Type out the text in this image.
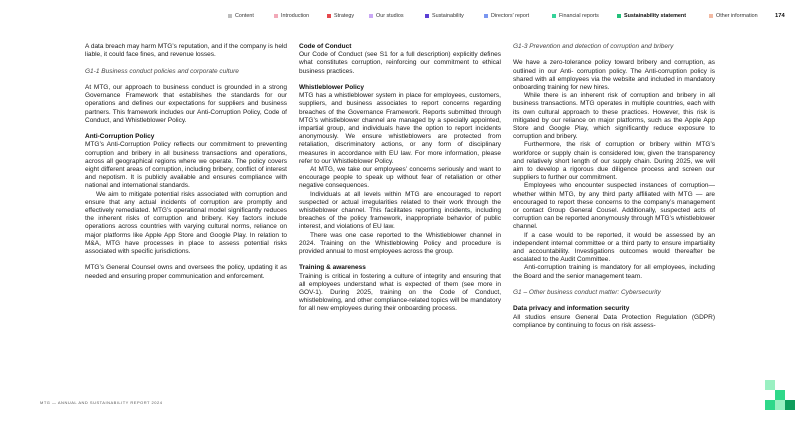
Content	Introduction	Strategy	Our studios	Sustainability	Directors' report	Financial reports	Sustainability statement	Other information	174

A data breach may harm MTG’s reputation, and if the company is held liable, it could face fines, and revenue losses.

G1-1 Business conduct policies and corporate culture

At MTG, our approach to business conduct is grounded in a strong Governance Framework that establishes the standards for our operations and defines our expectations for suppliers and business partners. This framework includes our Anti-Corruption Policy, Code of Conduct, and Whistleblower Policy.

Anti-Corruption Policy

MTG’s Anti-Corruption Policy reflects our commitment to preventing corruption and bribery in all business transactions and operations, across all geographical regions where we operate. The policy covers eight different areas of corruption, including bribery, conflict of interest and nepotism. It is publicly available and ensures compliance with national and international standards.

We aim to mitigate potential risks associated with corruption and ensure that any actual incidents of corruption are promptly and effectively remediated. MTG’s operational model significantly reduces the inherent risks of corruption and bribery. Key factors include operations across countries with varying cultural norms, reliance on major platforms like Apple App Store and Google Play. In relation to M&A, MTG have processes in place to assess potential risks associated with specific jurisdictions.

MTG’s General Counsel owns and oversees the policy, updating it as needed and ensuring proper communication and enforcement.

Code of Conduct

Our Code of Conduct (see S1 for a full description) explicitly defines what constitutes corruption, reinforcing our commitment to ethical business practices.

Whistleblower Policy

MTG has a whistleblower system in place for employees, customers, suppliers, and business associates to report concerns regarding breaches of the Governance Framework. Reports submitted through MTG’s whistleblower channel are managed by a specially appointed, impartial group, and individuals have the option to report incidents anonymously. We ensure whistleblowers are protected from retaliation, discriminatory actions, or any form of disciplinary measures in accordance with EU law. For more information, please refer to our Whistleblower Policy.

At MTG, we take our employees’ concerns seriously and want to encourage people to speak up without fear of retaliation or other negative consequences.

Individuals at all levels within MTG are encouraged to report suspected or actual irregularities related to their work through the whistleblower channel. This facilitates reporting incidents, including breaches of the policy framework, inappropriate behavior of public interest, and violations of EU law.

There was one case reported to the Whistleblower channel in 2024. Training on the Whistleblowing Policy and procedure is provided annual to most employees across the group.

Training & awareness

Training is critical in fostering a culture of integrity and ensuring that all employees understand what is expected of them (see more in GOV-1). During 2025, training on the Code of Conduct, whistleblowing, and other compliance-related topics will be mandatory for all new employees during their onboarding process.

G1-3 Prevention and detection of corruption and bribery

We have a zero-tolerance policy toward bribery and corruption, as outlined in our Anti- corruption policy. The Anti-corruption policy is shared with all employees via the website and included in mandatory onboarding training for new hires.

While there is an inherent risk of corruption and bribery in all business transactions. MTG operates in multiple countries, each with its own cultural approach to these practices. However, this risk is mitigated by our reliance on major platforms, such as the Apple App Store and Google Play, which significantly reduce exposure to corruption and bribery.

Furthermore, the risk of corruption or bribery within MTG’s workforce or supply chain is considered low, given the transparency and relatively short length of our supply chain. During 2025, we will aim to develop a rigorous due diligence process and screen our suppliers to further our commitment.

Employees who encounter suspected instances of corruption—whether within MTG, by any third party affiliated with MTG — are encouraged to report these concerns to the company’s management or contact Group General Cousel. Additionally, suspected acts of corruption can be reported anonymously through MTG’s whistleblower channel.

If a case would to be reported, it would be assessed by an independent internal committee or a third party to ensure impartiality and accountability. Investigations outcomes would thereafter be escalated to the Audit Committee.

Anti-corruption training is mandatory for all employees, including the Board and the senior management team.

G1 – Other business conduct matter: Cybersecurity

Data privacy and information security

All studios ensure General Data Protection Regulation (GDPR) compliance by continuing to focus on risk assess-

MTG — ANNUAL AND SUSTAINABILITY REPORT 2024
